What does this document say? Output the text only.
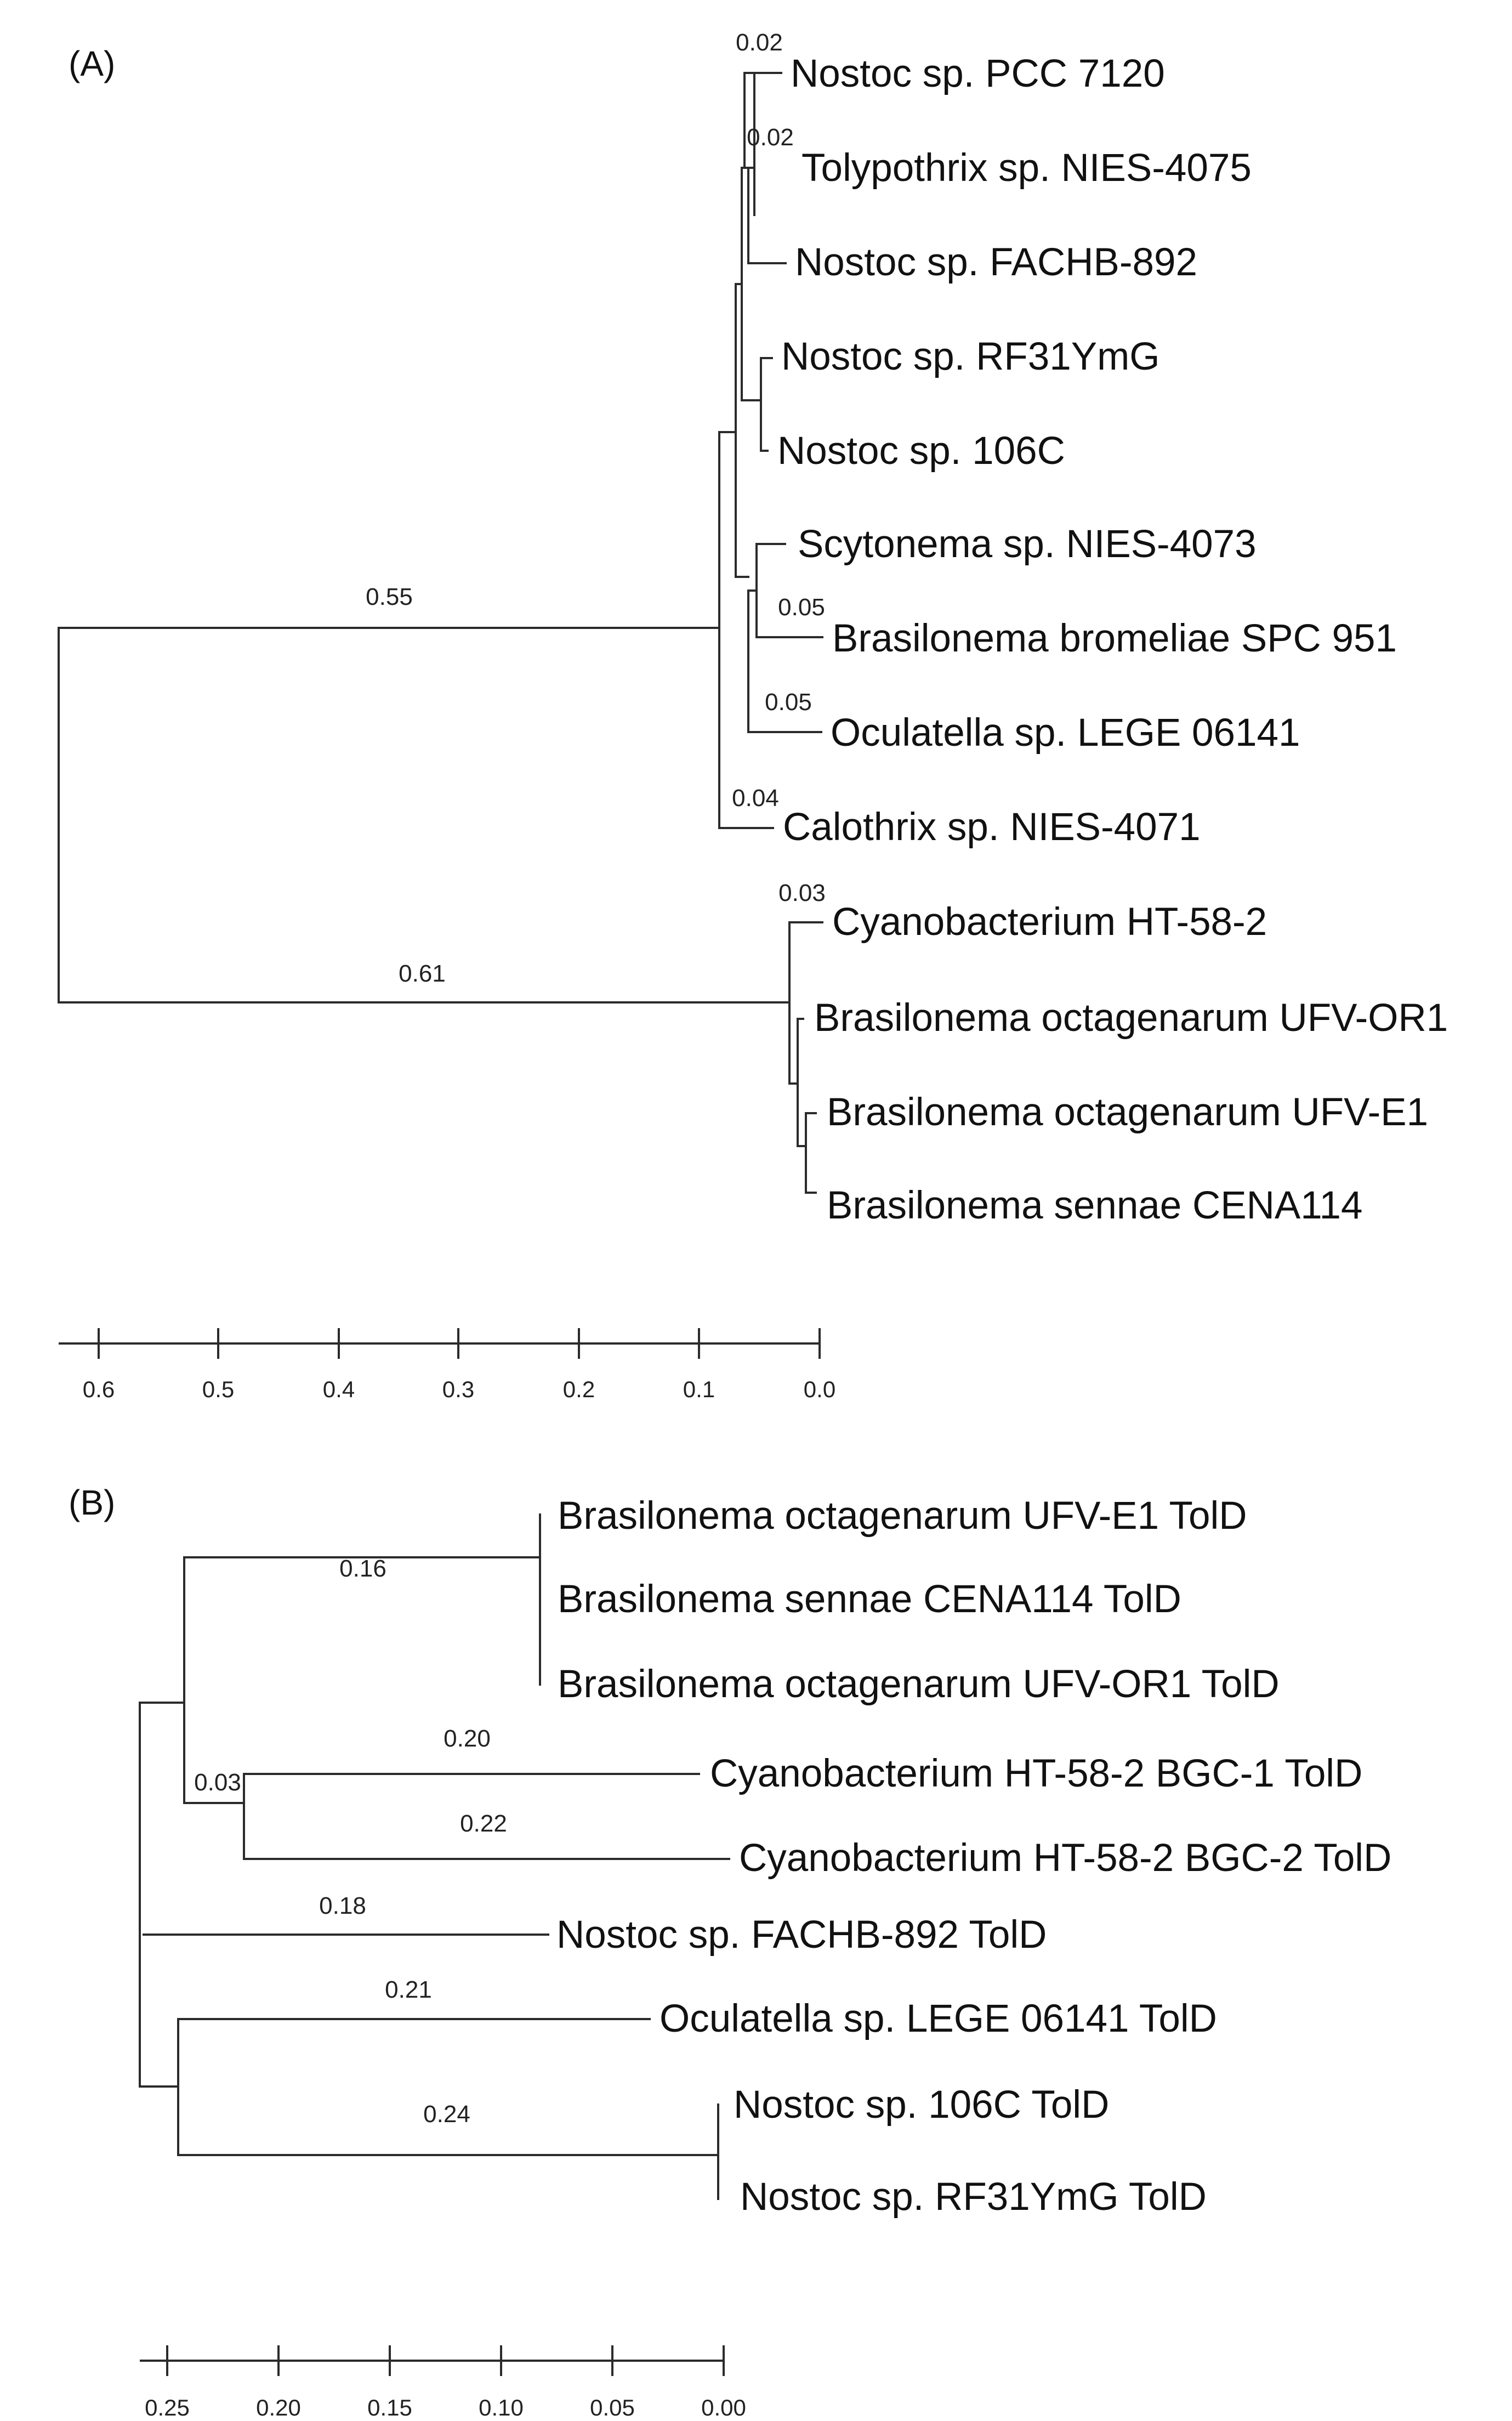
(A)	Nostoc sp. PCC 7120
Tolypothrix sp. NIES-4075
Nostoc sp. FACHB-892
Nostoc sp. RF31YmG
Nostoc sp. 106C
Scytonema sp. NIES-4073
Brasilonema bromeliae SPC 951
Oculatella sp. LEGE 06141
Calothrix sp. NIES-4071
Cyanobacterium HT-58-2
Brasilonema octagenarum UFV-OR1
Brasilonema octagenarum UFV-E1
Brasilonema sennae CENA114
0.55
0.61
0.02
0.02
0.05
0.05
0.04
0.03
0.6	0.5	0.4	0.3	0.2	0.1	0.0
(B)	Brasilonema octagenarum UFV-E1 TolD
Brasilonema sennae CENA114 TolD
Brasilonema octagenarum UFV-OR1 TolD
Cyanobacterium HT-58-2 BGC-1 TolD
Cyanobacterium HT-58-2 BGC-2 TolD
Nostoc sp. FACHB-892 TolD
Oculatella sp. LEGE 06141 TolD
Nostoc sp. 106C TolD
Nostoc sp. RF31YmG TolD
0.16
0.03
0.20
0.22
0.18
0.21
0.24
0.25	0.20	0.15	0.10	0.05	0.00
